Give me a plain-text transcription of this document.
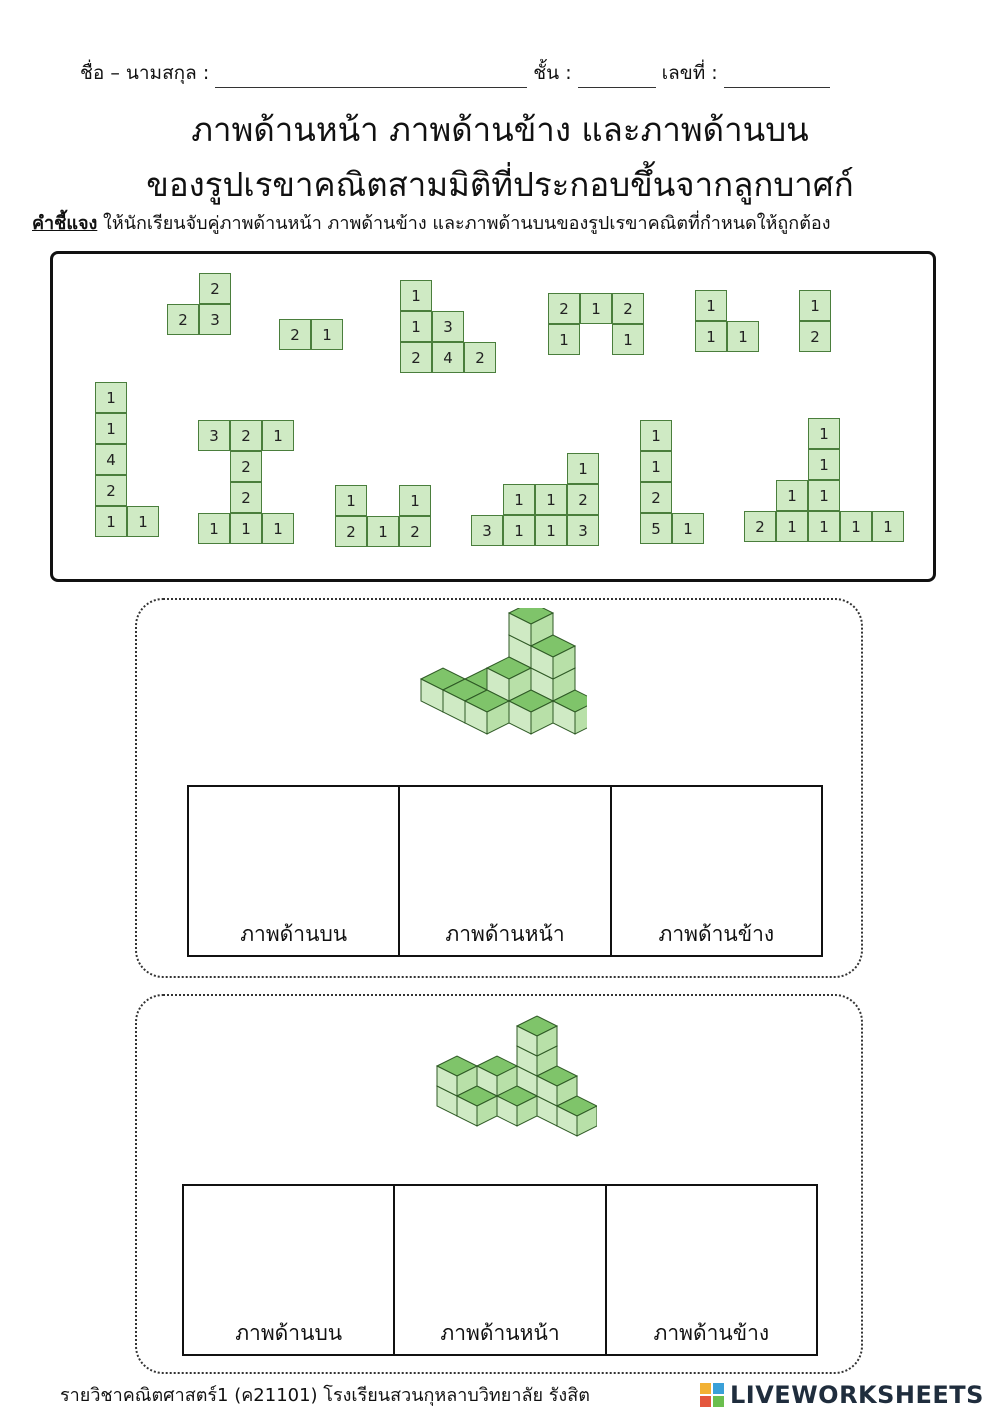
ชื่อ – นามสกุล :	ชั้น :	เลขที่ :
ภาพด้านหน้า ภาพด้านข้าง และภาพด้านบน
ของรูปเรขาคณิตสามมิติที่ประกอบขึ้นจากลูกบาศก์
คำชี้แจง ให้นักเรียนจับคู่ภาพด้านหน้า ภาพด้านข้าง และภาพด้านบนของรูปเรขาคณิตที่กำหนดให้ถูกต้อง
2
2	3
2	1
1
1	3
2	4	2
2	1	2
1	1
1
1	1
1
2
1
1
4
2
1	1
3	2	1
2
2
1	1	1
1	1
2	1	2
1
1	1	2
3	1	1	3
1
1
2
5	1
1
1
1	1
2	1	1	1	1
ภาพด้านบน	ภาพด้านหน้า	ภาพด้านข้าง
ภาพด้านบน	ภาพด้านหน้า	ภาพด้านข้าง
รายวิชาคณิตศาสตร์1 (ค21101) โรงเรียนสวนกุหลาบวิทยาลัย รังสิต	LIVEWORKSHEETS
